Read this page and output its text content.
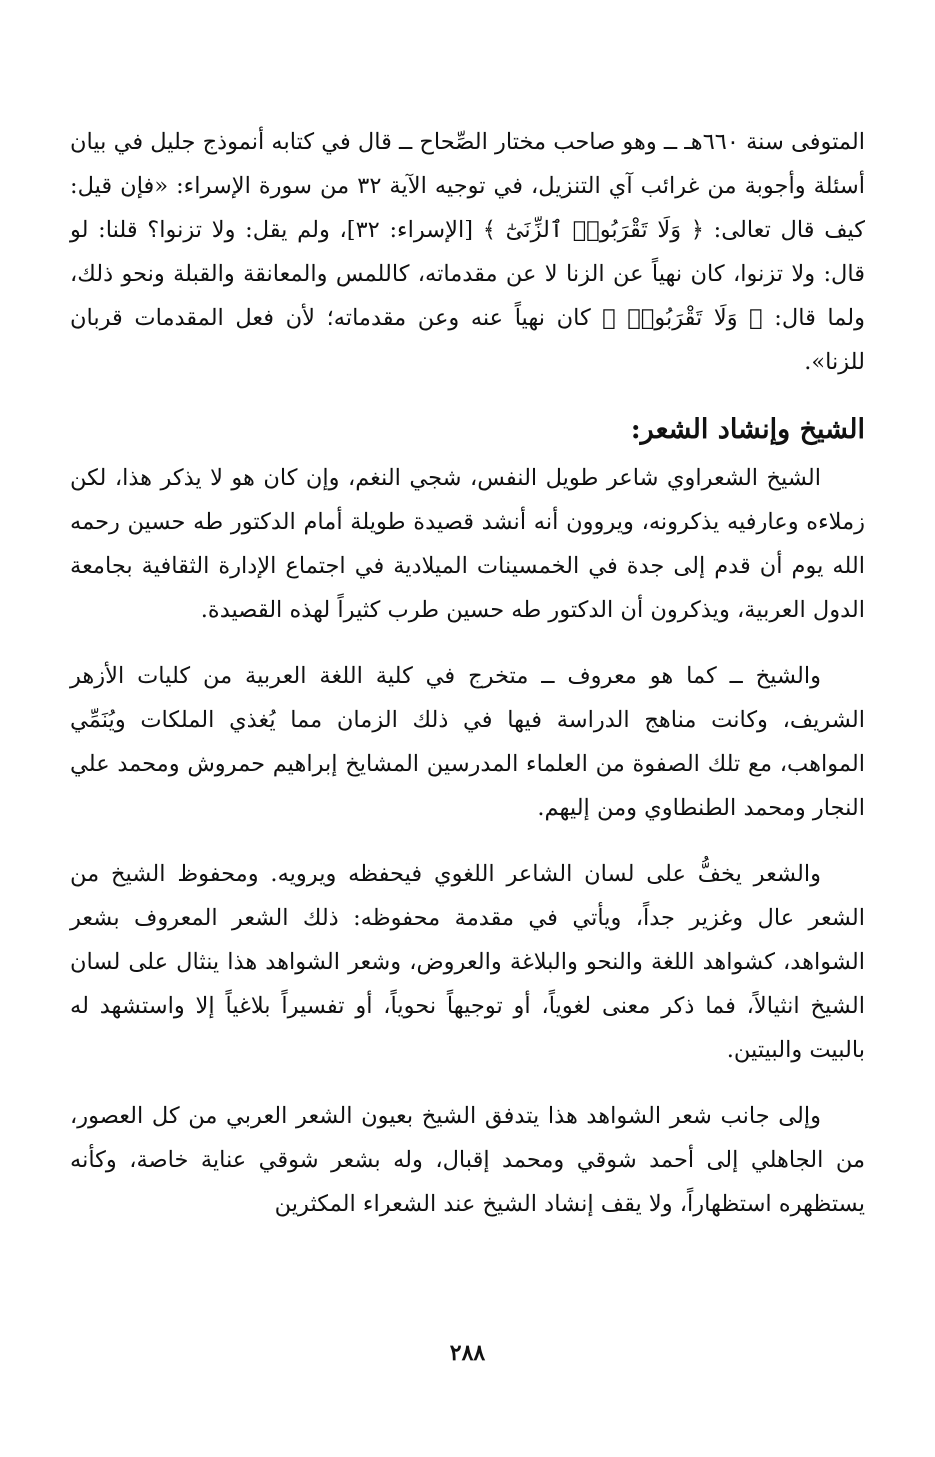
المتوفى سنة ٦٦٠هـ ــ وهو صاحب مختار الصِّحاح ــ قال في كتابه أنموذج جليل في بيان أسئلة وأجوبة من غرائب آي التنزيل، في توجيه الآية ٣٢ من سورة الإسراء: «فإن قيل: كيف قال تعالى: ﴿ وَلَا تَقْرَبُوا۟ ٱلزِّنَىٰٓ ﴾ [الإسراء: ٣٢]، ولم يقل: ولا تزنوا؟ قلنا: لو قال: ولا تزنوا، كان نهياً عن الزنا لا عن مقدماته، كاللمس والمعانقة والقبلة ونحو ذلك، ولما قال: ﴿ وَلَا تَقْرَبُوا۟ ﴾ كان نهياً عنه وعن مقدماته؛ لأن فعل المقدمات قربان للزنا».

الشيخ وإنشاد الشعر:

الشيخ الشعراوي شاعر طويل النفس، شجي النغم، وإن كان هو لا يذكر هذا، لكن زملاءه وعارفيه يذكرونه، ويروون أنه أنشد قصيدة طويلة أمام الدكتور طه حسين رحمه الله يوم أن قدم إلى جدة في الخمسينات الميلادية في اجتماع الإدارة الثقافية بجامعة الدول العربية، ويذكرون أن الدكتور طه حسين طرب كثيراً لهذه القصيدة.

والشيخ ــ كما هو معروف ــ متخرج في كلية اللغة العربية من كليات الأزهر الشريف، وكانت مناهج الدراسة فيها في ذلك الزمان مما يُغذي الملكات ويُنَمِّي المواهب، مع تلك الصفوة من العلماء المدرسين المشايخ إبراهيم حمروش ومحمد علي النجار ومحمد الطنطاوي ومن إليهم.

والشعر يخفُّ على لسان الشاعر اللغوي فيحفظه ويرويه. ومحفوظ الشيخ من الشعر عال وغزير جداً، ويأتي في مقدمة محفوظه: ذلك الشعر المعروف بشعر الشواهد، كشواهد اللغة والنحو والبلاغة والعروض، وشعر الشواهد هذا ينثال على لسان الشيخ انثيالاً، فما ذكر معنى لغوياً، أو توجيهاً نحوياً، أو تفسيراً بلاغياً إلا واستشهد له بالبيت والبيتين.

وإلى جانب شعر الشواهد هذا يتدفق الشيخ بعيون الشعر العربي من كل العصور، من الجاهلي إلى أحمد شوقي ومحمد إقبال، وله بشعر شوقي عناية خاصة، وكأنه يستظهره استظهاراً، ولا يقف إنشاد الشيخ عند الشعراء المكثرين

٢٨٨
